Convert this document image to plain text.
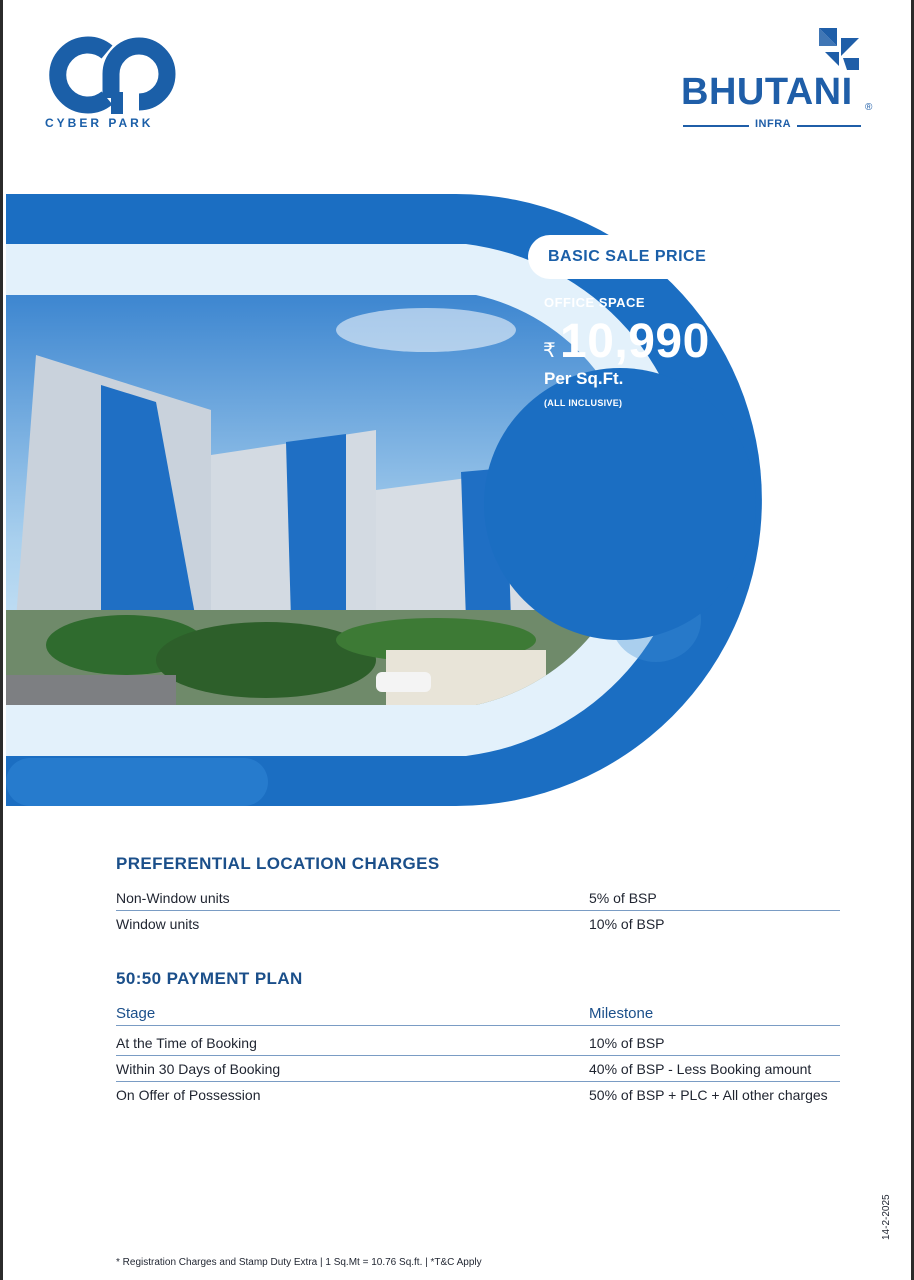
CYBER PARK
BHUTANI ®
INFRA
BASIC SALE PRICE
OFFICE SPACE
₹ 10,990 *
Per Sq.Ft.
(ALL INCLUSIVE)
PREFERENTIAL LOCATION CHARGES
Non-Window units	5% of BSP
Window units	10% of BSP
50:50 PAYMENT PLAN
Stage	Milestone
At the Time of Booking	10% of BSP
Within 30 Days of Booking	40% of BSP - Less Booking amount
On Offer of Possession	50% of BSP + PLC + All other charges
* Registration Charges and Stamp Duty Extra | 1 Sq.Mt = 10.76 Sq.ft. | *T&C Apply
14-2-2025
